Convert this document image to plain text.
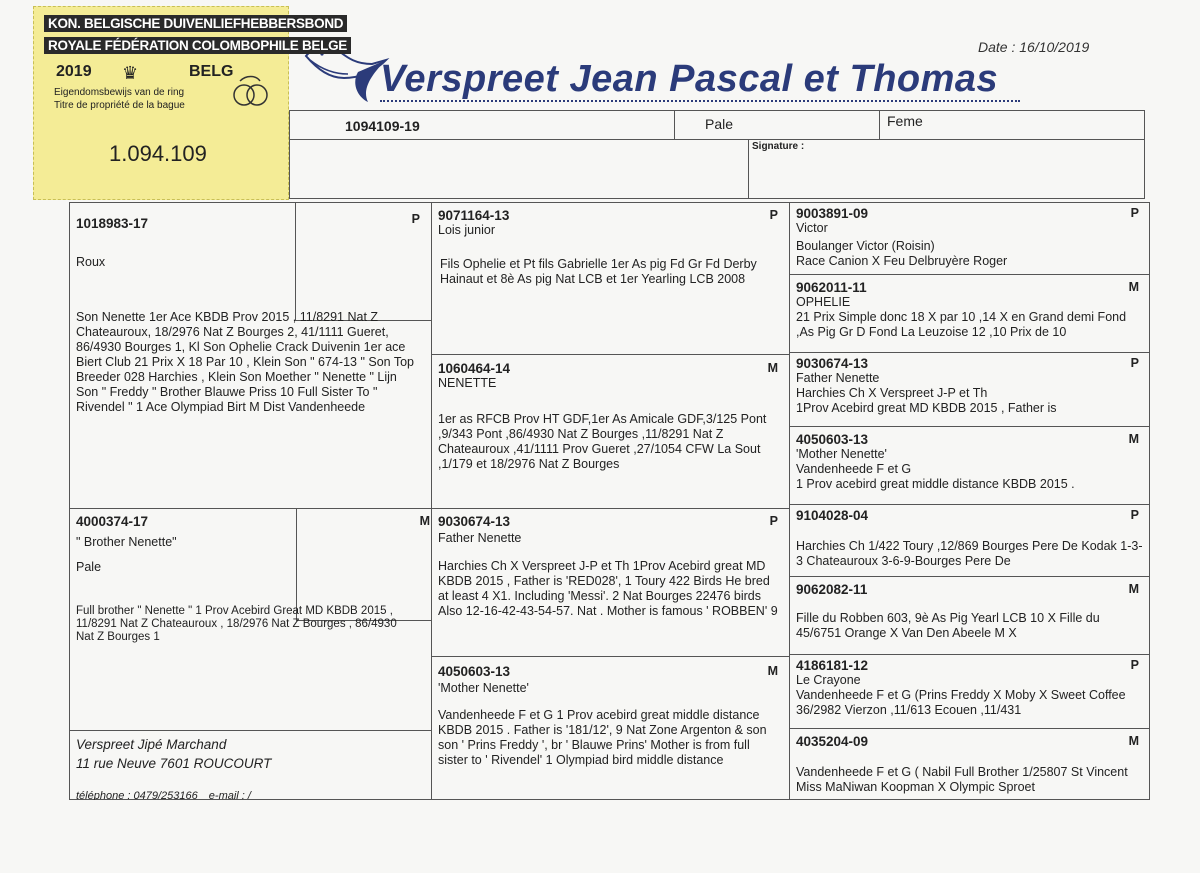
Date : 16/10/2019
Verspreet Jean Pascal et Thomas
KON. BELGISCHE DUIVENLIEFHEBBERSBOND
ROYALE FÉDÉRATION COLOMBOPHILE BELGE
2019 ♛	BELG
Eigendomsbewijs van de ring
Titre de propriété de la bague
1.094.109
1094109-19	Pale	Feme
Signature :
1018983-17	P
Roux
Son Nenette 1er Ace KBDB Prov 2015 , 11/8291 Nat Z Chateauroux, 18/2976 Nat Z Bourges 2, 41/1111 Gueret, 86/4930 Bourges 1, Kl Son Ophelie Crack Duivenin 1er ace Biert Club 21 Prix X 18 Par 10 , Klein Son " 674-13 " Son Top Breeder 028 Harchies , Klein Son Moether " Nenette " Lijn Son " Freddy " Brother Blauwe Priss 10 Full Sister To " Rivendel " 1 Ace Olympiad Birt M Dist Vandenheede
9071164-13	P
Lois junior
Fils Ophelie et Pt fils Gabrielle 1er As pig Fd Gr Fd Derby Hainaut et 8è As pig Nat LCB et 1er Yearling LCB 2008
1060464-14	M
NENETTE
1er as RFCB Prov HT GDF,1er As Amicale GDF,3/125 Pont ,9/343 Pont ,86/4930 Nat Z Bourges ,11/8291 Nat Z Chateauroux ,41/1111 Prov Gueret ,27/1054 CFW La Sout ,1/179 et 18/2976 Nat Z Bourges
9003891-09	P
Victor
Boulanger Victor (Roisin)
Race Canion X Feu Delbruyère Roger
9062011-11	M
OPHELIE
21 Prix Simple donc 18 X par 10 ,14 X en Grand demi Fond ,As Pig Gr D Fond La Leuzoise 12 ,10 Prix de 10
9030674-13	P
Father Nenette
Harchies Ch X Verspreet J-P et Th
1Prov Acebird great MD KBDB 2015 , Father is
4050603-13	M
'Mother Nenette'
Vandenheede F et G
1 Prov acebird great middle distance KBDB 2015 .
4000374-17	M
" Brother Nenette"
Pale
Full brother " Nenette " 1 Prov Acebird Great MD KBDB 2015 , 11/8291 Nat Z Chateauroux , 18/2976 Nat Z Bourges , 86/4930 Nat Z Bourges 1
9030674-13	P
Father Nenette
Harchies Ch X Verspreet J-P et Th 1Prov Acebird great MD KBDB 2015 , Father is 'RED028', 1 Toury 422 Birds He bred at least 4 X1. Including 'Messi'. 2 Nat Bourges 22476 birds Also 12-16-42-43-54-57. Nat . Mother is famous ' ROBBEN' 9
4050603-13	M
'Mother Nenette'
Vandenheede F et G 1 Prov acebird great middle distance KBDB 2015 . Father is '181/12', 9 Nat Zone Argenton & son son ' Prins Freddy ', br ' Blauwe Prins' Mother is from full sister to ' Rivendel' 1 Olympiad bird middle distance
9104028-04	P
Harchies Ch 1/422 Toury ,12/869 Bourges Pere De Kodak 1-3-3 Chateauroux 3-6-9-Bourges Pere De
9062082-11	M
Fille du Robben 603, 9è As Pig Yearl LCB 10 X Fille du 45/6751 Orange X Van Den Abeele M X
4186181-12	P
Le Crayone
Vandenheede F et G (Prins Freddy X Moby X Sweet Coffee 36/2982 Vierzon ,11/613 Ecouen ,11/431
4035204-09	M
Vandenheede F et G ( Nabil Full Brother 1/25807 St Vincent Miss MaNiwan Koopman X Olympic Sproet
Verspreet Jipé Marchand
11 rue Neuve 7601 ROUCOURT
téléphone : 0479/253166 e-mail : /
